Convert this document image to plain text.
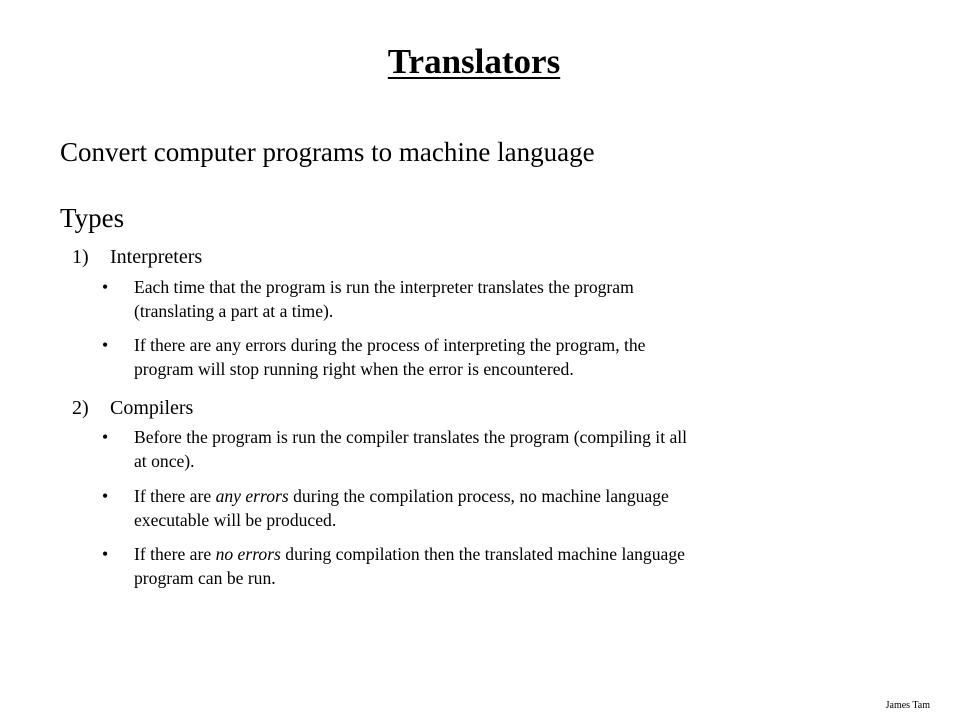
Translators

Convert computer programs to machine language

Types

1) Interpreters
• Each time that the program is run the interpreter translates the program
(translating a part at a time).
• If there are any errors during the process of interpreting the program, the
program will stop running right when the error is encountered.
2) Compilers
• Before the program is run the compiler translates the program (compiling it all
at once).
• If there are any errors during the compilation process, no machine language
executable will be produced.
• If there are no errors during compilation then the translated machine language
program can be run.
James Tam
